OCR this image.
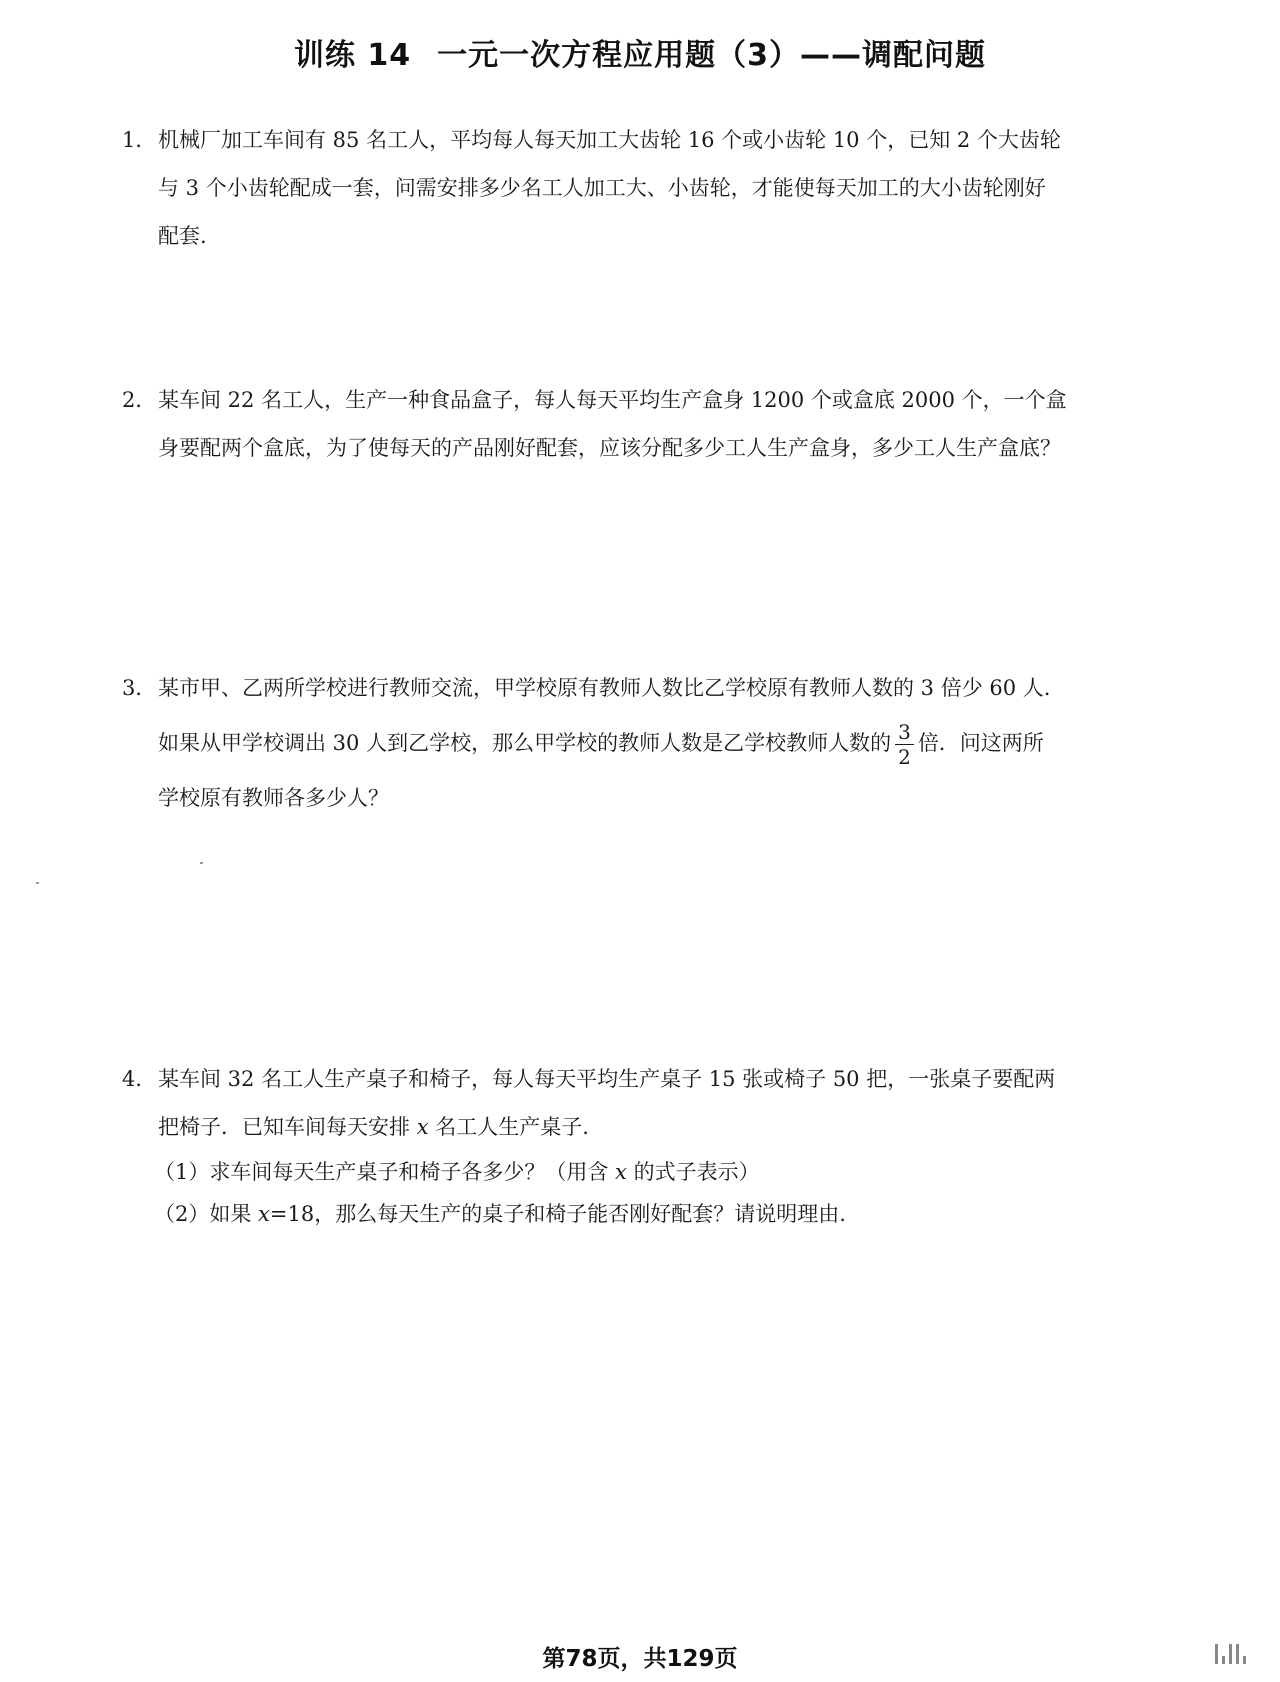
训练 14 一元一次方程应用题（3）——调配问题
1．机械厂加工车间有 85 名工人，平均每人每天加工大齿轮 16 个或小齿轮 10 个，已知 2 个大齿轮
与 3 个小齿轮配成一套，问需安排多少名工人加工大、小齿轮，才能使每天加工的大小齿轮刚好
配套.
2．某车间 22 名工人，生产一种食品盒子，每人每天平均生产盒身 1200 个或盒底 2000 个，一个盒
身要配两个盒底，为了使每天的产品刚好配套，应该分配多少工人生产盒身，多少工人生产盒底？
3．某市甲、乙两所学校进行教师交流，甲学校原有教师人数比乙学校原有教师人数的 3 倍少 60 人.
如果从甲学校调出 30 人到乙学校，那么甲学校的教师人数是乙学校教师人数的 $\frac{3}{2}$ 倍．问这两所
学校原有教师各多少人？
4．某车间 32 名工人生产桌子和椅子，每人每天平均生产桌子 15 张或椅子 50 把，一张桌子要配两
把椅子．已知车间每天安排 x 名工人生产桌子.
（1）求车间每天生产桌子和椅子各多少？（用含 x 的式子表示）
（2）如果 x=18，那么每天生产的桌子和椅子能否刚好配套？请说明理由.
第78页，共129页
